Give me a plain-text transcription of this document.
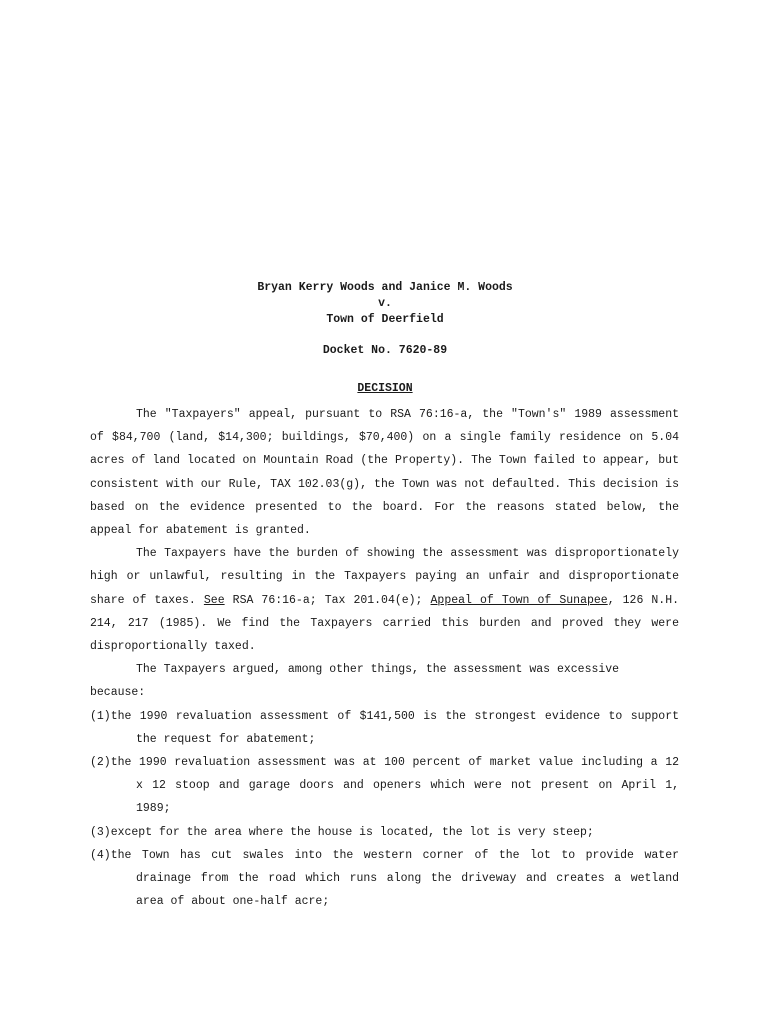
Bryan Kerry Woods and Janice M. Woods
v.
Town of Deerfield
Docket No. 7620-89
DECISION

The "Taxpayers" appeal, pursuant to RSA 76:16-a, the "Town's" 1989 assessment of $84,700 (land, $14,300; buildings, $70,400) on a single family residence on 5.04 acres of land located on Mountain Road (the Property). The Town failed to appear, but consistent with our Rule, TAX 102.03(g), the Town was not defaulted. This decision is based on the evidence presented to the board. For the reasons stated below, the appeal for abatement is granted.

The Taxpayers have the burden of showing the assessment was disproportionately high or unlawful, resulting in the Taxpayers paying an unfair and disproportionate share of taxes. See RSA 76:16-a; Tax 201.04(e); Appeal of Town of Sunapee, 126 N.H. 214, 217 (1985). We find the Taxpayers carried this burden and proved they were disproportionally taxed.

The Taxpayers argued, among other things, the assessment was excessive

because:

(1)the 1990 revaluation assessment of $141,500 is the strongest evidence to support the request for abatement;

(2)the 1990 revaluation assessment was at 100 percent of market value including a 12 x 12 stoop and garage doors and openers which were not present on April 1, 1989;

(3)except for the area where the house is located, the lot is very steep;

(4)the Town has cut swales into the western corner of the lot to provide water drainage from the road which runs along the driveway and creates a wetland area of about one-half acre;
